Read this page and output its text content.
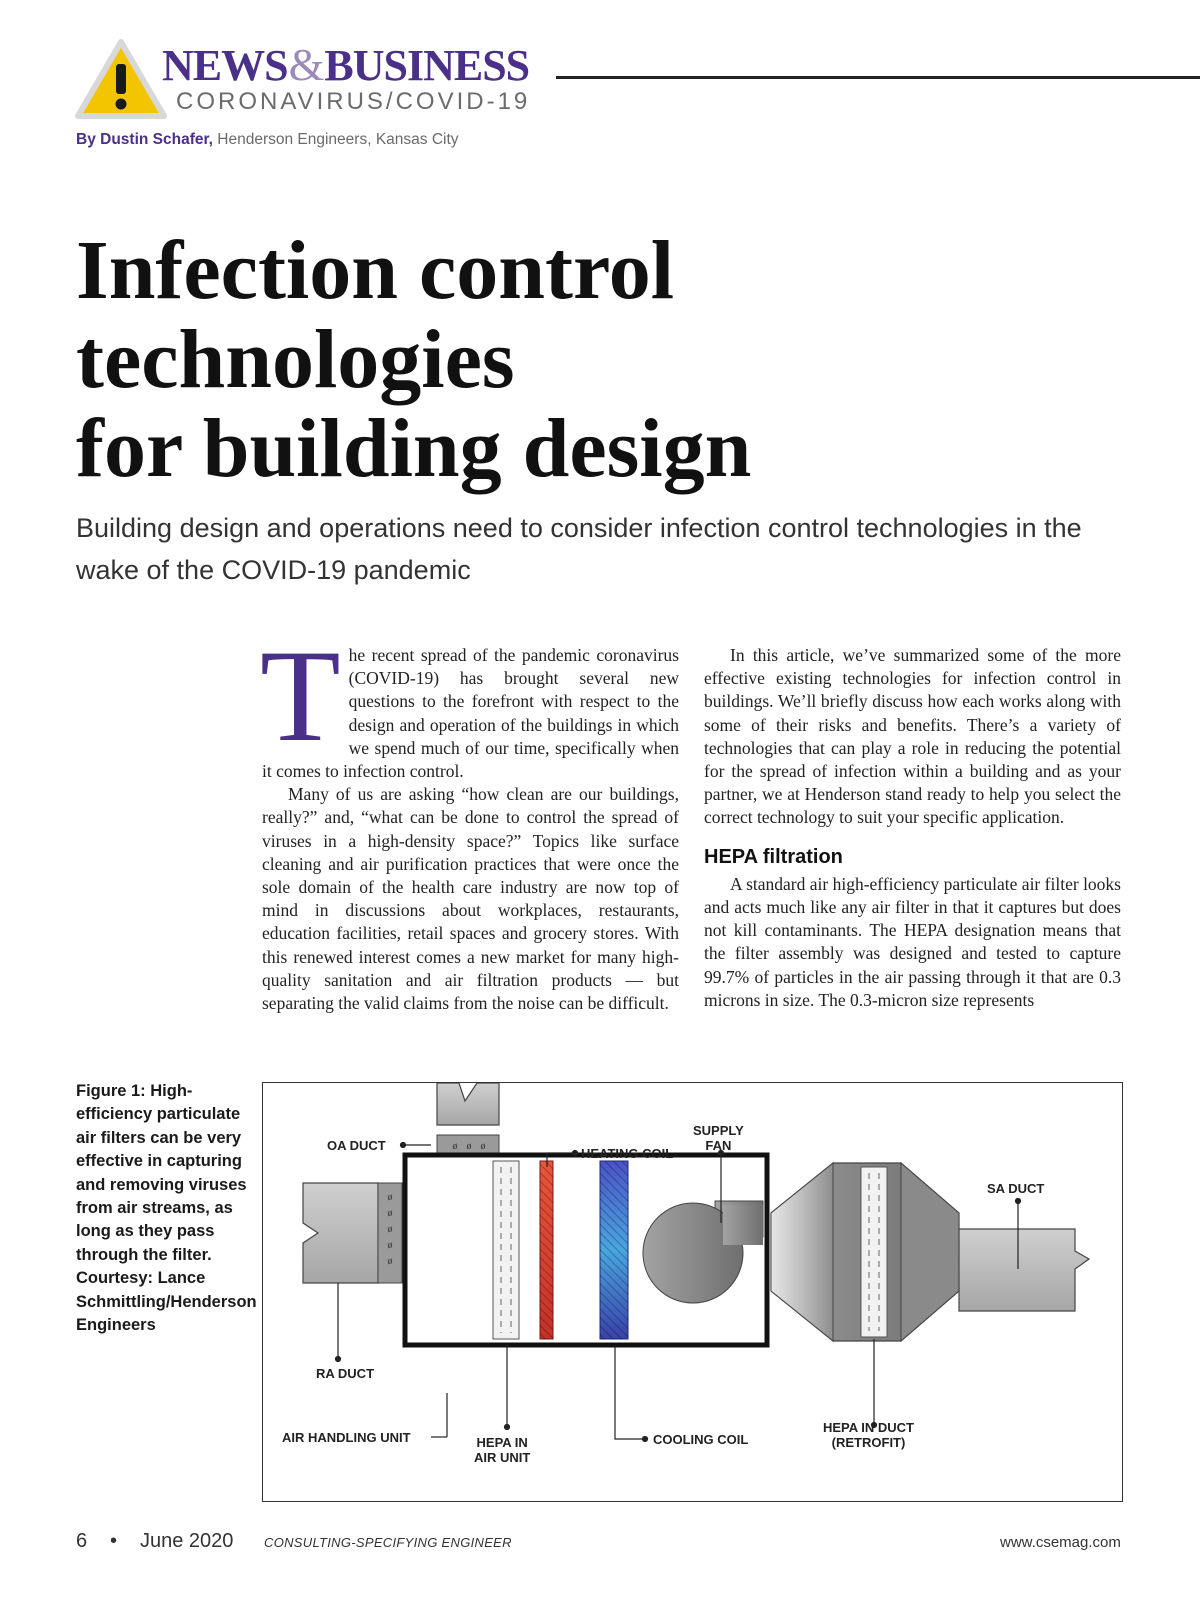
NEWS&BUSINESS
CORONAVIRUS/COVID-19
By Dustin Schafer, Henderson Engineers, Kansas City
Infection control
technologies
for building design
Building design and operations need to consider infection control technologies in the wake of the COVID-19 pandemic

The recent spread of the pandemic coronavirus (COVID-19) has brought several new questions to the forefront with respect to the design and operation of the buildings in which we spend much of our time, specifically when it comes to infection control.

Many of us are asking “how clean are our buildings, really?” and, “what can be done to control the spread of viruses in a high-density space?” Topics like surface cleaning and air purification practices that were once the sole domain of the health care industry are now top of mind in discussions about workplaces, restaurants, education facilities, retail spaces and grocery stores. With this renewed interest comes a new market for many high-quality sanitation and air filtration products — but separating the valid claims from the noise can be difficult.

In this article, we’ve summarized some of the more effective existing technologies for infection control in buildings. We’ll briefly discuss how each works along with some of their risks and benefits. There’s a variety of technologies that can play a role in reducing the potential for the spread of infection within a building and as your partner, we at Henderson stand ready to help you select the correct technology to suit your specific application.

HEPA filtration

A standard air high-efficiency particulate air filter looks and acts much like any air filter in that it captures but does not kill contaminants. The HEPA designation means that the filter assembly was designed and tested to capture 99.7% of particles in the air passing through it that are 0.3 microns in size. The 0.3-micron size represents

Figure 1: High-efficiency particulate air filters can be very effective in capturing and removing viruses from air streams, as long as they pass through the filter. Courtesy: Lance Schmittling/Henderson Engineers
ø
ø
ø
ø
ø
ø ø ø
OA DUCT
HEATING COIL
SUPPLY
FAN
SA DUCT
RA DUCT
AIR HANDLING UNIT	HEPA IN
AIR UNIT
COOLING COIL
HEPA IN DUCT
(RETROFIT)
6 • June 2020 CONSULTING-SPECIFYING ENGINEER	www.csemag.com
